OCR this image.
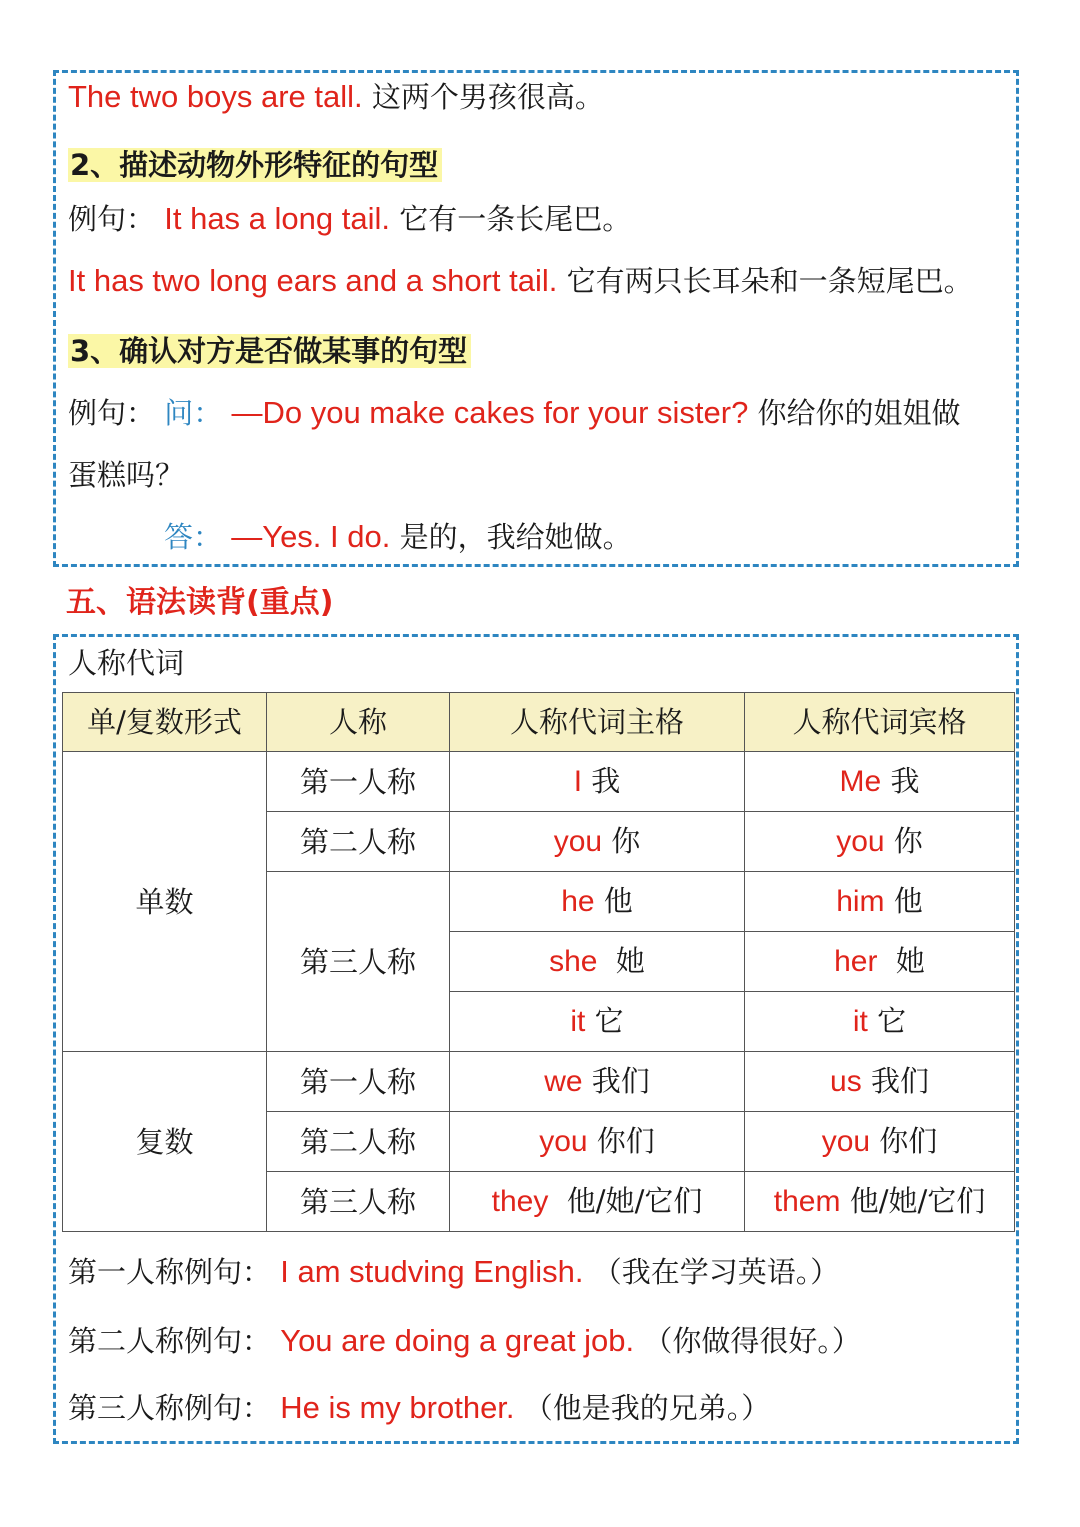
The two boys are tall. 这两个男孩很高。
2、描述动物外形特征的句型
例句： It has a long tail. 它有一条长尾巴。
It has two long ears and a short tail. 它有两只长耳朵和一条短尾巴。
3、确认对方是否做某事的句型
例句： 问： —Do you make cakes for your sister? 你给你的姐姐做
蛋糕吗？
答： —Yes. I do. 是的，我给她做。
五、语法读背(重点)
人称代词
单/复数形式	人称	人称代词主格	人称代词宾格
单数	第一人称	I 我	Me 我
	第二人称	you 你	you 你
	第三人称	he 他	him 他
		she 她	her 她
		it 它	it 它
复数	第一人称	we 我们	us 我们
	第二人称	you 你们	you 你们
	第三人称	they 他/她/它们	them 他/她/它们
第一人称例句： I am studving English. （我在学习英语。）
第二人称例句： You are doing a great job. （你做得很好。）
第三人称例句： He is my brother. （他是我的兄弟。）
